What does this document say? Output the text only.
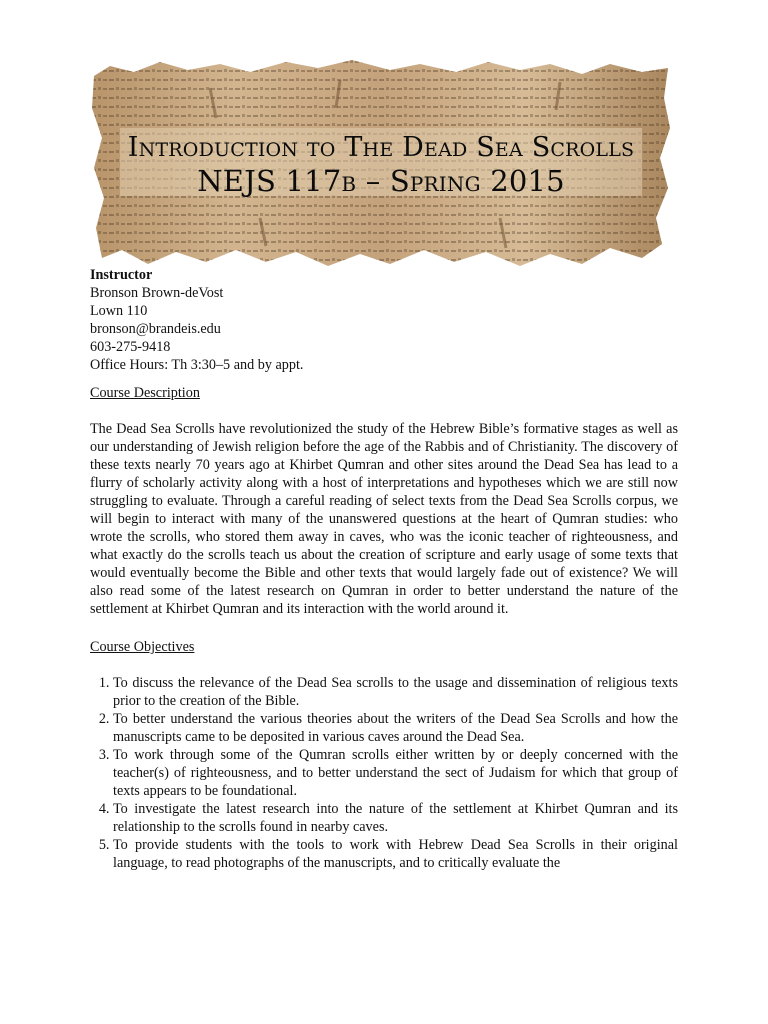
Introduction to The Dead Sea Scrolls
NEJS 117b – Spring 2015
Instructor
Bronson Brown-deVost
Lown 110
bronson@brandeis.edu
603-275-9418
Office Hours: Th 3:30–5 and by appt.
Course Description
The Dead Sea Scrolls have revolutionized the study of the Hebrew Bible’s formative stages as well as our understanding of Jewish religion before the age of the Rabbis and of Christianity. The discovery of these texts nearly 70 years ago at Khirbet Qumran and other sites around the Dead Sea has lead to a flurry of scholarly activity along with a host of interpretations and hypotheses which we are still now struggling to evaluate. Through a careful reading of select texts from the Dead Sea Scrolls corpus, we will begin to interact with many of the unanswered questions at the heart of Qumran studies: who wrote the scrolls, who stored them away in caves, who was the iconic teacher of righteousness, and what exactly do the scrolls teach us about the creation of scripture and early usage of some texts that would eventually become the Bible and other texts that would largely fade out of existence? We will also read some of the latest research on Qumran in order to better understand the nature of the settlement at Khirbet Qumran and its interaction with the world around it.
Course Objectives
1. To discuss the relevance of the Dead Sea scrolls to the usage and dissemination of religious texts prior to the creation of the Bible.
2. To better understand the various theories about the writers of the Dead Sea Scrolls and how the manuscripts came to be deposited in various caves around the Dead Sea.
3. To work through some of the Qumran scrolls either written by or deeply concerned with the teacher(s) of righteousness, and to better understand the sect of Judaism for which that group of texts appears to be foundational.
4. To investigate the latest research into the nature of the settlement at Khirbet Qumran and its relationship to the scrolls found in nearby caves.
5. To provide students with the tools to work with Hebrew Dead Sea Scrolls in their original language, to read photographs of the manuscripts, and to critically evaluate the
